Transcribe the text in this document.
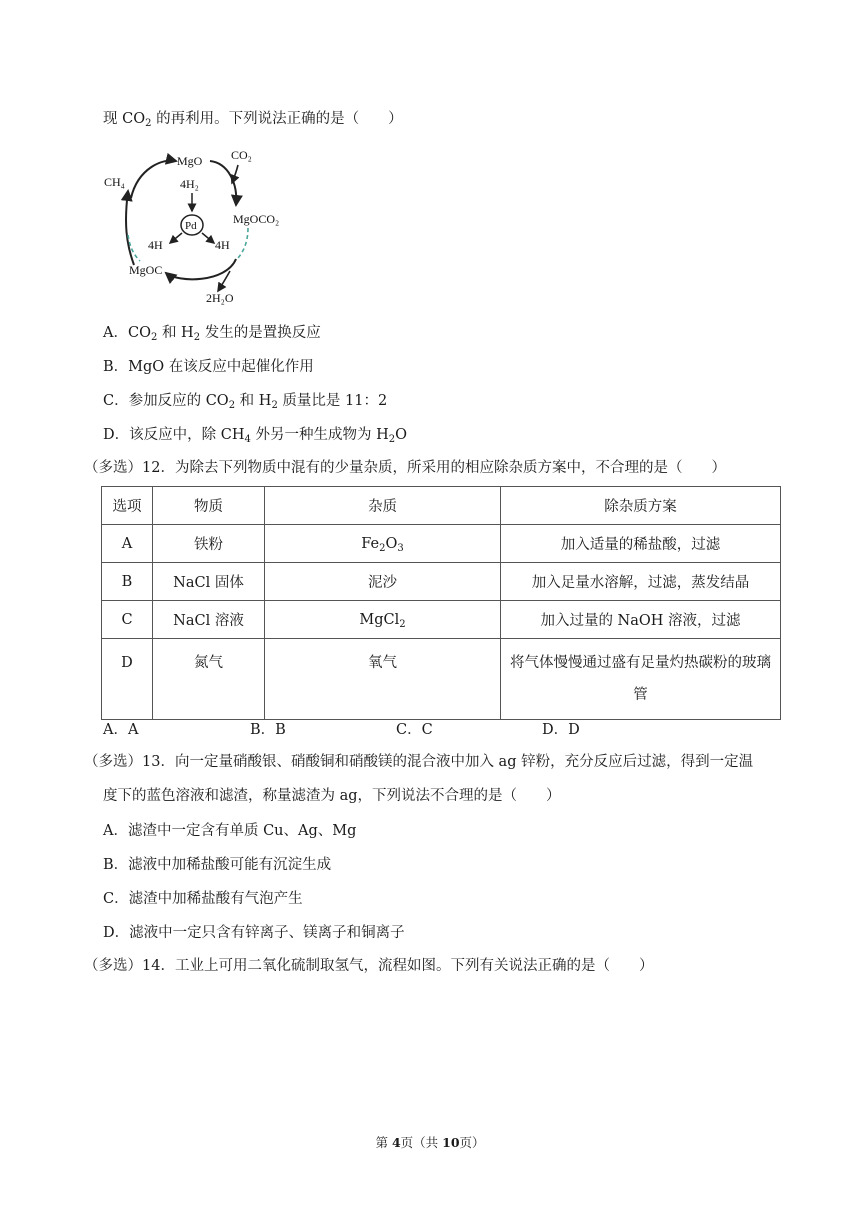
现 $CO_2$ 的再利用。下列说法正确的是（　　）
MgO CO₂
CH₄	4H₂
Pd	MgOCO₂
4H	4H
MgOC
2H₂O
A．$CO_2$ 和 $H_2$ 发生的是置换反应
B．MgO 在该反应中起催化作用
C．参加反应的 $CO_2$ 和 $H_2$ 质量比是 11：2
D．该反应中，除 $CH_4$ 外另一种生成物为 $H_2O$
（多选）12．为除去下列物质中混有的少量杂质，所采用的相应除杂质方案中，不合理的是（　　）
选项	物质	杂质	除杂质方案
A	铁粉	$Fe_2O_3$	加入适量的稀盐酸，过滤
B	NaCl 固体	泥沙	加入足量水溶解，过滤，蒸发结晶
C	NaCl 溶液	MgCl$_2$	加入过量的 NaOH 溶液，过滤
D	氮气	氧气	将气体慢慢通过盛有足量灼热碳粉的玻璃
管
A．A	B．B	C．C	D．D
（多选）13．向一定量硝酸银、硝酸铜和硝酸镁的混合液中加入 ag 锌粉，充分反应后过滤，得到一定温
度下的蓝色溶液和滤渣，称量滤渣为 ag，下列说法不合理的是（　　）
A．滤渣中一定含有单质 Cu、Ag、Mg
B．滤液中加稀盐酸可能有沉淀生成
C．滤渣中加稀盐酸有气泡产生
D．滤液中一定只含有锌离子、镁离子和铜离子
（多选）14．工业上可用二氧化硫制取氢气，流程如图。下列有关说法正确的是（　　）
第 4页（共 10页）
